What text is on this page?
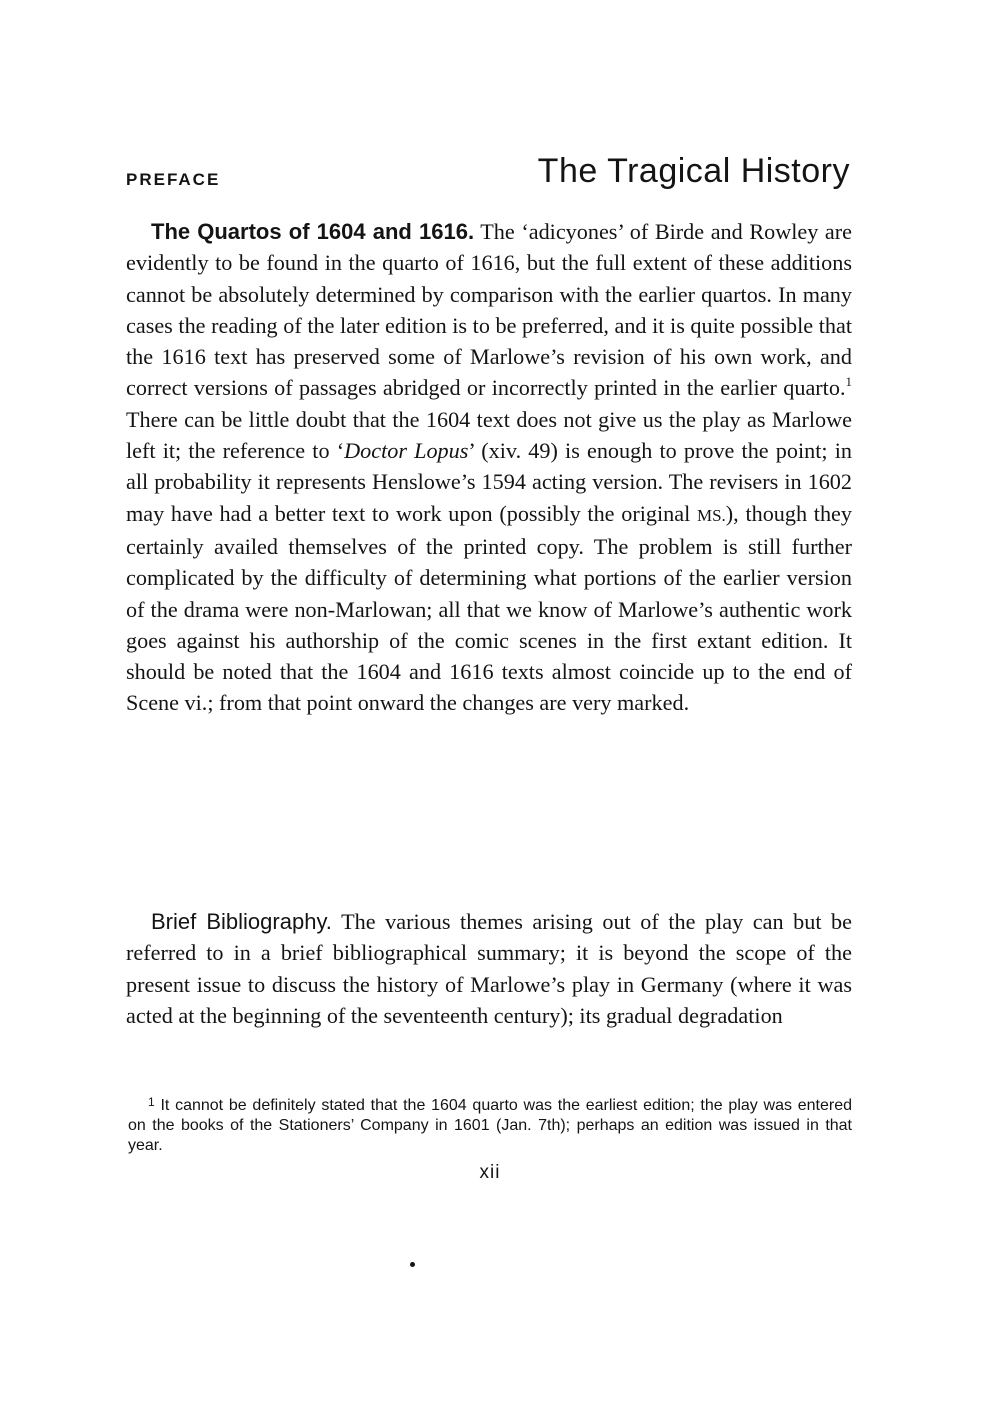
PREFACE	The Tragical History

The Quartos of 1604 and 1616. The ‘adicyones’ of Birde and Rowley are evidently to be found in the quarto of 1616, but the full extent of these additions cannot be absolutely determined by comparison with the earlier quartos. In many cases the reading of the later edition is to be preferred, and it is quite possible that the 1616 text has preserved some of Marlowe’s revision of his own work, and correct versions of passages abridged or incorrectly printed in the earlier quarto.$^1$ There can be little doubt that the 1604 text does not give us the play as Marlowe left it; the reference to ‘Doctor Lopus’ (xiv. 49) is enough to prove the point; in all probability it represents Henslowe’s 1594 acting version. The revisers in 1602 may have had a better text to work upon (possibly the original MS.), though they certainly availed themselves of the printed copy. The problem is still further complicated by the difficulty of determining what portions of the earlier version of the drama were non-Marlowan; all that we know of Marlowe’s authentic work goes against his authorship of the comic scenes in the first extant edition. It should be noted that the 1604 and 1616 texts almost coincide up to the end of Scene vi.; from that point onward the changes are very marked.

Brief Bibliography. The various themes arising out of the play can but be referred to in a brief bibliographical summary; it is beyond the scope of the present issue to discuss the history of Marlowe’s play in Germany (where it was acted at the beginning of the seventeenth century); its gradual degradation

$^1$ It cannot be definitely stated that the 1604 quarto was the earliest edition; the play was entered on the books of the Stationers’ Company in 1601 (Jan. 7th); perhaps an edition was issued in that year.

xii
